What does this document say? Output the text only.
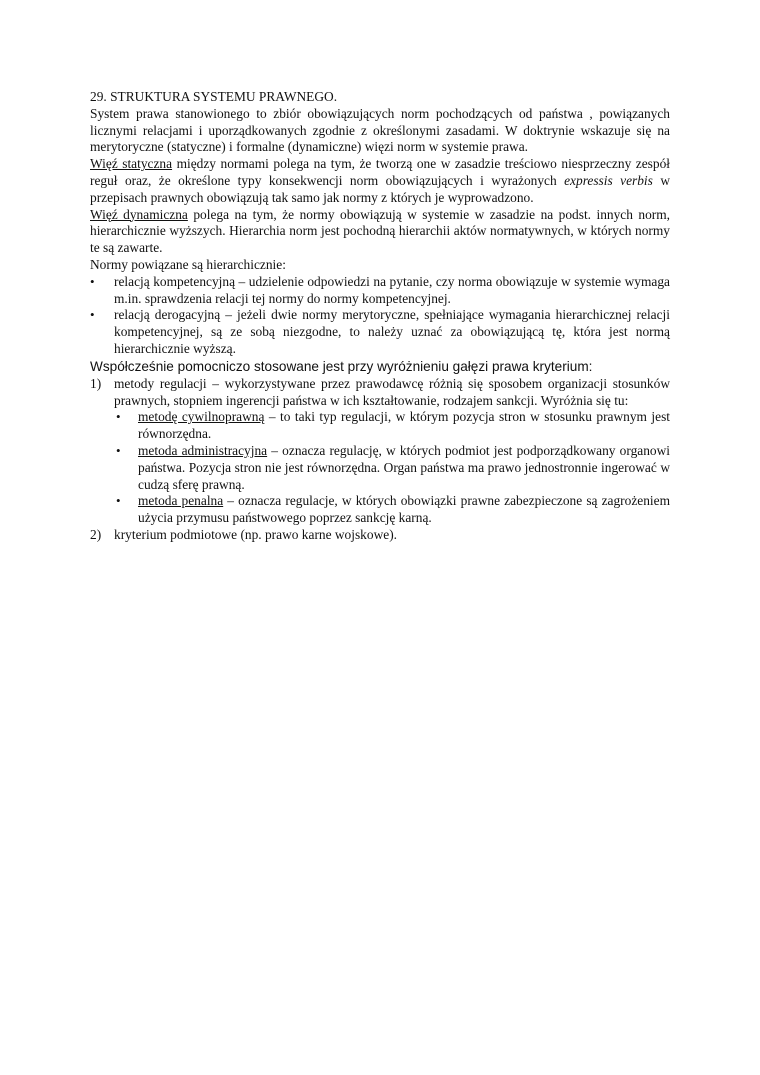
29. STRUKTURA SYSTEMU PRAWNEGO.

System prawa stanowionego to zbiór obowiązujących norm pochodzących od państwa , powiązanych licznymi relacjami i uporządkowanych zgodnie z określonymi zasadami. W doktrynie wskazuje się na merytoryczne (statyczne) i formalne (dynamiczne) więzi norm w systemie prawa.

Więź statyczna między normami polega na tym, że tworzą one w zasadzie treściowo niesprzeczny zespół reguł oraz, że określone typy konsekwencji norm obowiązujących i wyrażonych expressis verbis w przepisach prawnych obowiązują tak samo jak normy z których je wyprowadzono.

Więź dynamiczna polega na tym, że normy obowiązują w systemie w zasadzie na podst. innych norm, hierarchicznie wyższych. Hierarchia norm jest pochodną hierarchii aktów normatywnych, w których normy te są zawarte.

Normy powiązane są hierarchicznie:

• relacją kompetencyjną – udzielenie odpowiedzi na pytanie, czy norma obowiązuje w systemie wymaga m.in. sprawdzenia relacji tej normy do normy kompetencyjnej.
• relacją derogacyjną – jeżeli dwie normy merytoryczne, spełniające wymagania hierarchicznej relacji kompetencyjnej, są ze sobą niezgodne, to należy uznać za obowiązującą tę, która jest normą hierarchicznie wyższą.

Współcześnie pomocniczo stosowane jest przy wyróżnieniu gałęzi prawa kryterium:

1) metody regulacji – wykorzystywane przez prawodawcę różnią się sposobem organizacji stosunków prawnych, stopniem ingerencji państwa w ich kształtowanie, rodzajem sankcji. Wyróżnia się tu:
• metodę cywilnoprawną – to taki typ regulacji, w którym pozycja stron w stosunku prawnym jest równorzędna.
• metoda administracyjna – oznacza regulację, w których podmiot jest podporządkowany organowi państwa. Pozycja stron nie jest równorzędna. Organ państwa ma prawo jednostronnie ingerować w cudzą sferę prawną.
• metoda penalna – oznacza regulacje, w których obowiązki prawne zabezpieczone są zagrożeniem użycia przymusu państwowego poprzez sankcję karną.
2) kryterium podmiotowe (np. prawo karne wojskowe).
